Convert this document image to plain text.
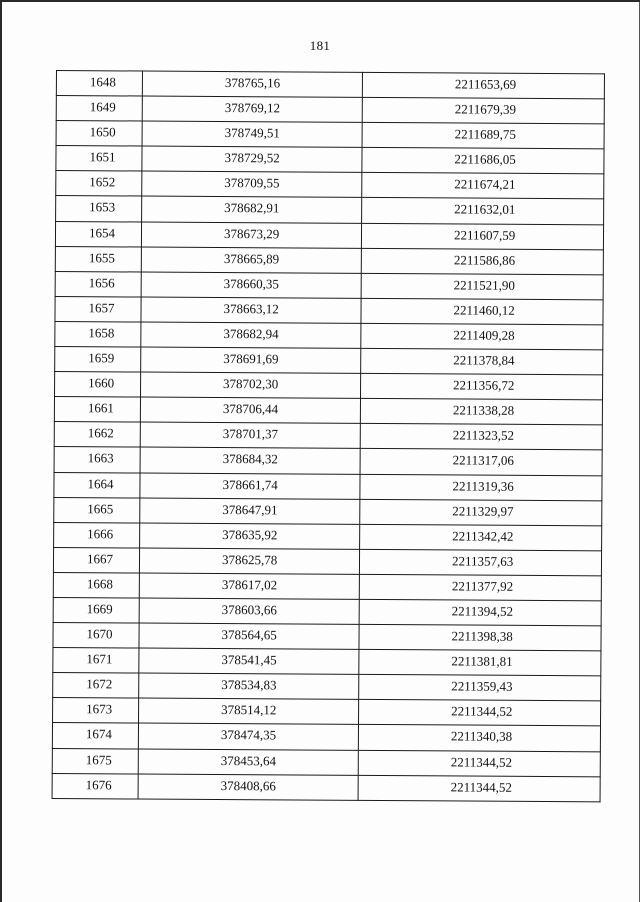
181
1648	378765,16	2211653,69
1649	378769,12	2211679,39
1650	378749,51	2211689,75
1651	378729,52	2211686,05
1652	378709,55	2211674,21
1653	378682,91	2211632,01
1654	378673,29	2211607,59
1655	378665,89	2211586,86
1656	378660,35	2211521,90
1657	378663,12	2211460,12
1658	378682,94	2211409,28
1659	378691,69	2211378,84
1660	378702,30	2211356,72
1661	378706,44	2211338,28
1662	378701,37	2211323,52
1663	378684,32	2211317,06
1664	378661,74	2211319,36
1665	378647,91	2211329,97
1666	378635,92	2211342,42
1667	378625,78	2211357,63
1668	378617,02	2211377,92
1669	378603,66	2211394,52
1670	378564,65	2211398,38
1671	378541,45	2211381,81
1672	378534,83	2211359,43
1673	378514,12	2211344,52
1674	378474,35	2211340,38
1675	378453,64	2211344,52
1676	378408,66	2211344,52
